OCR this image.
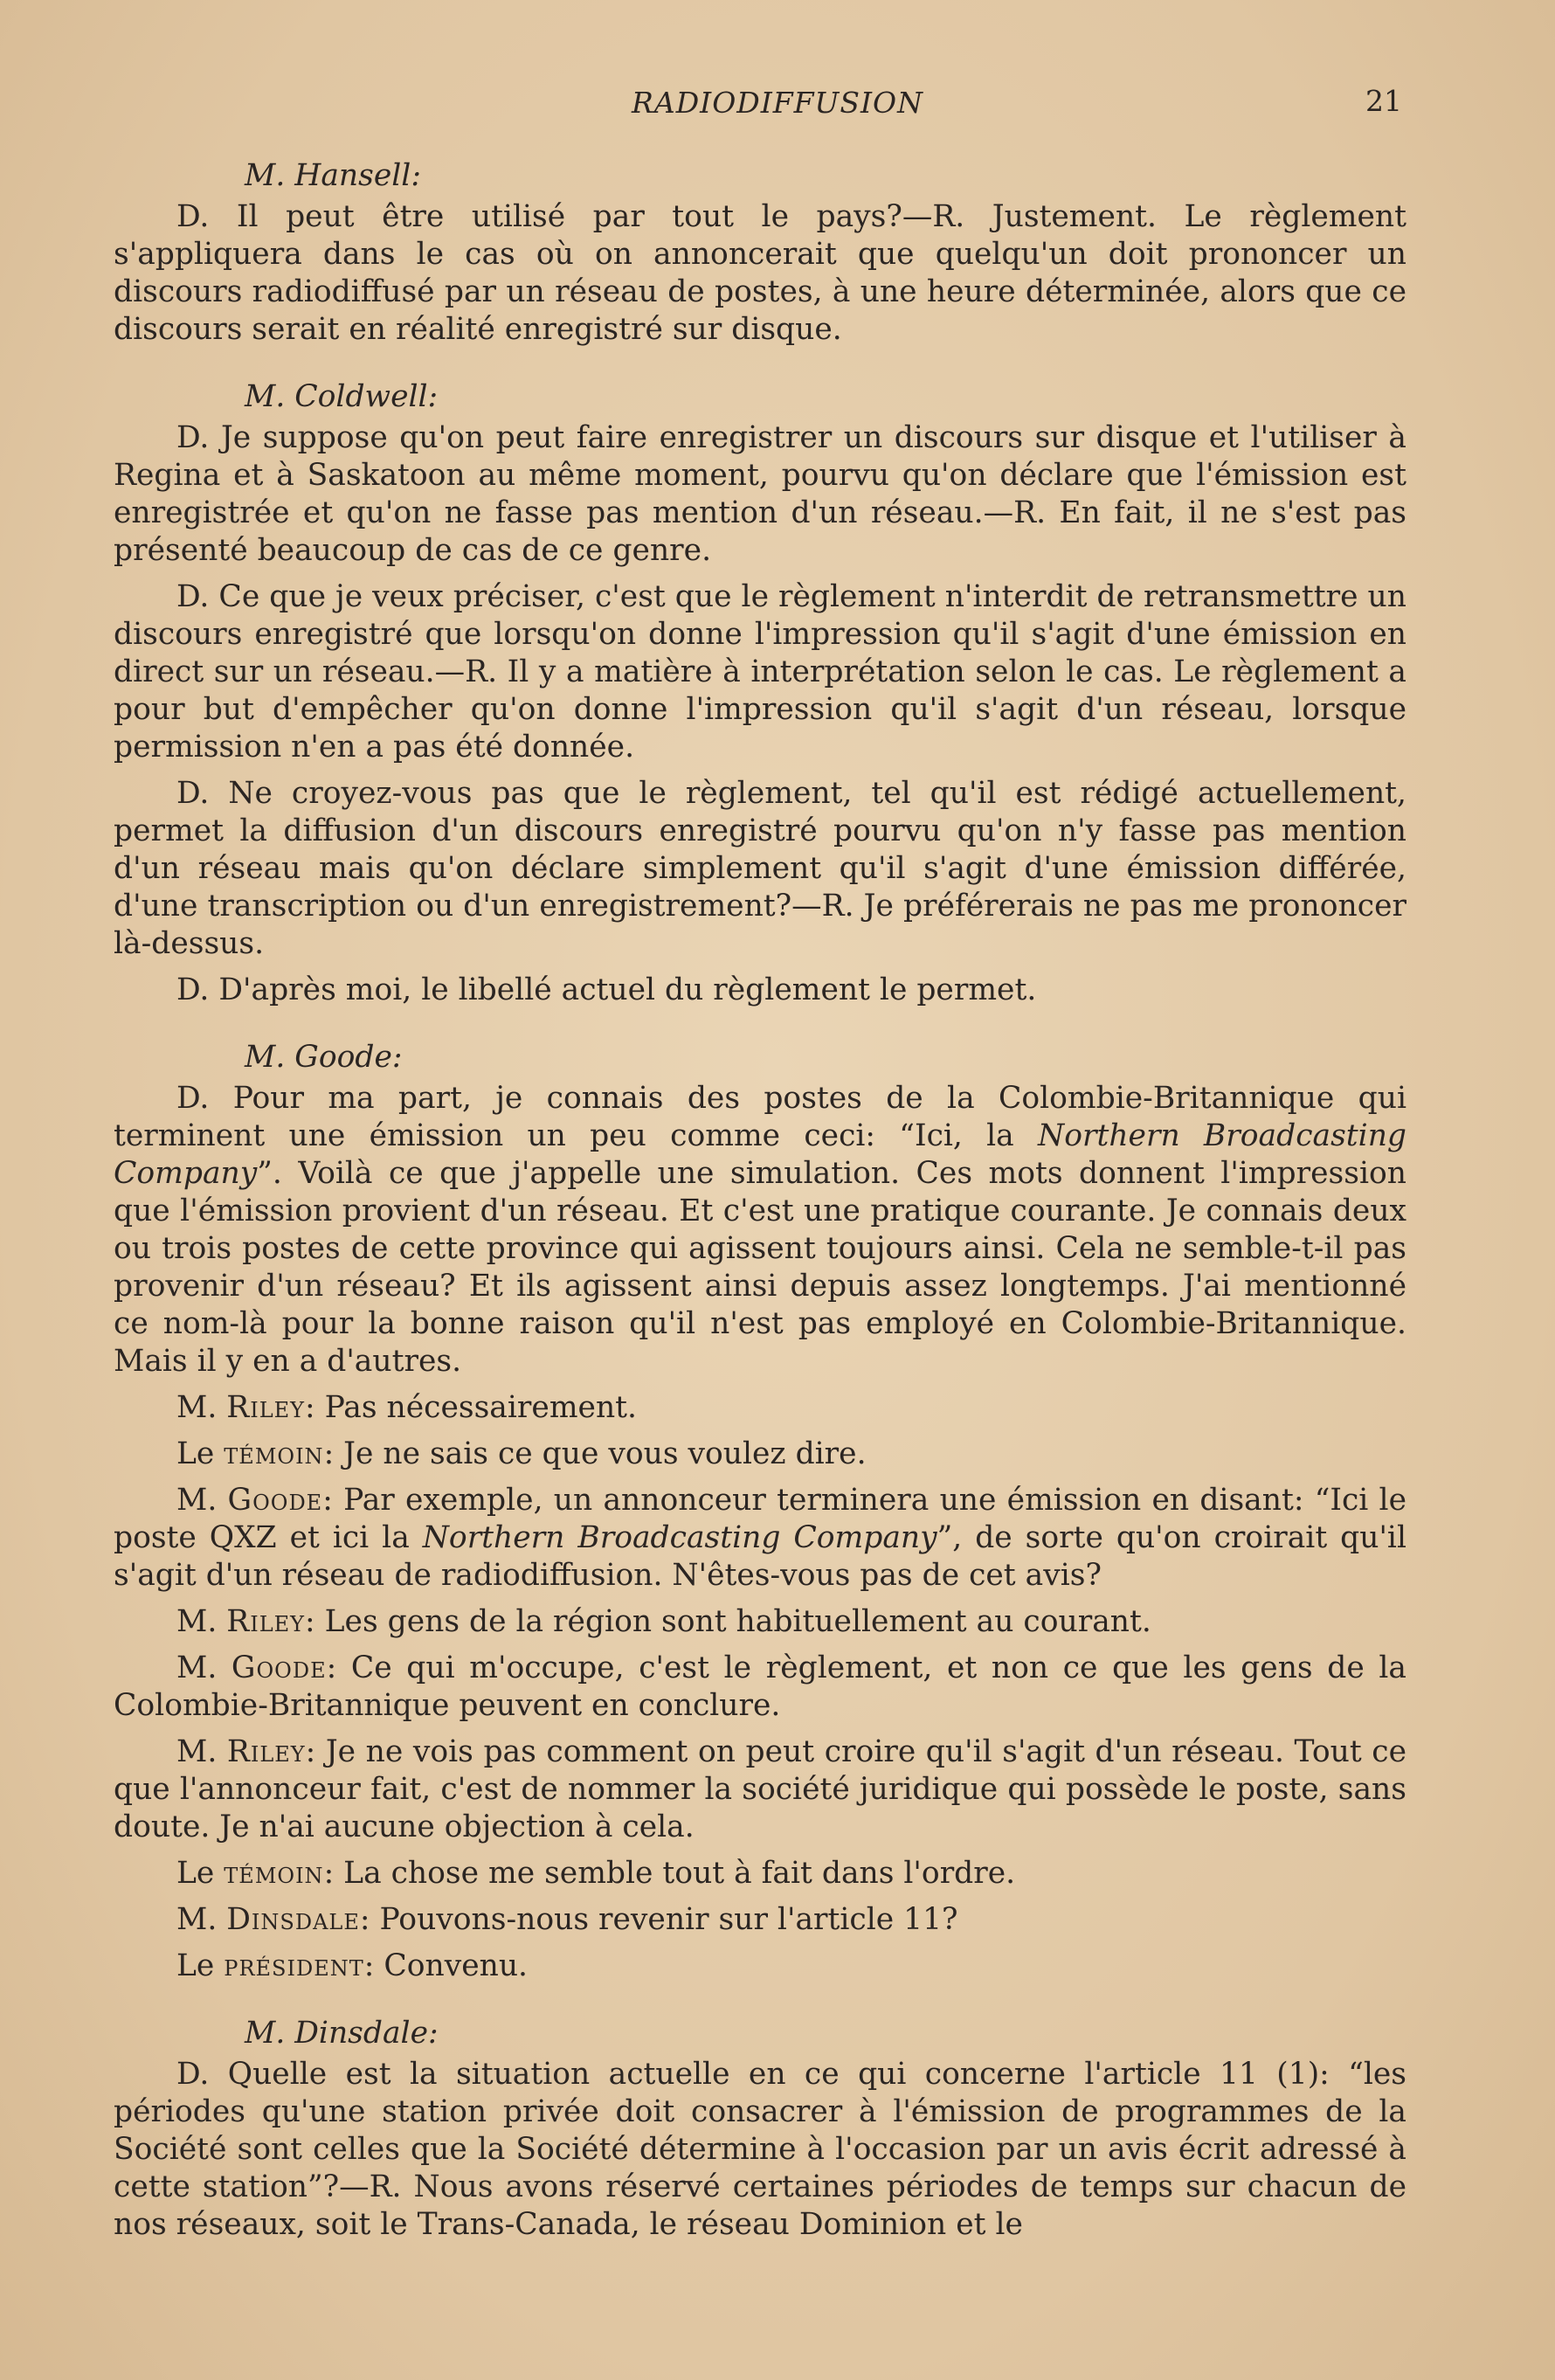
RADIODIFFUSION	21
M. Hansell:

D. Il peut être utilisé par tout le pays?—R. Justement. Le règlement s'appliquera dans le cas où on annoncerait que quelqu'un doit prononcer un discours radiodiffusé par un réseau de postes, à une heure déterminée, alors que ce discours serait en réalité enregistré sur disque.

M. Coldwell:

D. Je suppose qu'on peut faire enregistrer un discours sur disque et l'utiliser à Regina et à Saskatoon au même moment, pourvu qu'on déclare que l'émission est enregistrée et qu'on ne fasse pas mention d'un réseau.—R. En fait, il ne s'est pas présenté beaucoup de cas de ce genre.

D. Ce que je veux préciser, c'est que le règlement n'interdit de retransmettre un discours enregistré que lorsqu'on donne l'impression qu'il s'agit d'une émission en direct sur un réseau.—R. Il y a matière à interprétation selon le cas. Le règlement a pour but d'empêcher qu'on donne l'impression qu'il s'agit d'un réseau, lorsque permission n'en a pas été donnée.

D. Ne croyez-vous pas que le règlement, tel qu'il est rédigé actuellement, permet la diffusion d'un discours enregistré pourvu qu'on n'y fasse pas mention d'un réseau mais qu'on déclare simplement qu'il s'agit d'une émission différée, d'une transcription ou d'un enregistrement?—R. Je préférerais ne pas me prononcer là-dessus.

D. D'après moi, le libellé actuel du règlement le permet.

M. Goode:

D. Pour ma part, je connais des postes de la Colombie-Britannique qui terminent une émission un peu comme ceci: “Ici, la Northern Broadcasting Company”. Voilà ce que j'appelle une simulation. Ces mots donnent l'impression que l'émission provient d'un réseau. Et c'est une pratique courante. Je connais deux ou trois postes de cette province qui agissent toujours ainsi. Cela ne semble-t-il pas provenir d'un réseau? Et ils agissent ainsi depuis assez longtemps. J'ai mentionné ce nom-là pour la bonne raison qu'il n'est pas employé en Colombie-Britannique. Mais il y en a d'autres.

M. Riley: Pas nécessairement.

Le témoin: Je ne sais ce que vous voulez dire.

M. Goode: Par exemple, un annonceur terminera une émission en disant: “Ici le poste QXZ et ici la Northern Broadcasting Company”, de sorte qu'on croirait qu'il s'agit d'un réseau de radiodiffusion. N'êtes-vous pas de cet avis?

M. Riley: Les gens de la région sont habituellement au courant.

M. Goode: Ce qui m'occupe, c'est le règlement, et non ce que les gens de la Colombie-Britannique peuvent en conclure.

M. Riley: Je ne vois pas comment on peut croire qu'il s'agit d'un réseau. Tout ce que l'annonceur fait, c'est de nommer la société juridique qui possède le poste, sans doute. Je n'ai aucune objection à cela.

Le témoin: La chose me semble tout à fait dans l'ordre.

M. Dinsdale: Pouvons-nous revenir sur l'article 11?

Le président: Convenu.

M. Dinsdale:

D. Quelle est la situation actuelle en ce qui concerne l'article 11 (1): “les périodes qu'une station privée doit consacrer à l'émission de programmes de la Société sont celles que la Société détermine à l'occasion par un avis écrit adressé à cette station”?—R. Nous avons réservé certaines périodes de temps sur chacun de nos réseaux, soit le Trans-Canada, le réseau Dominion et le
